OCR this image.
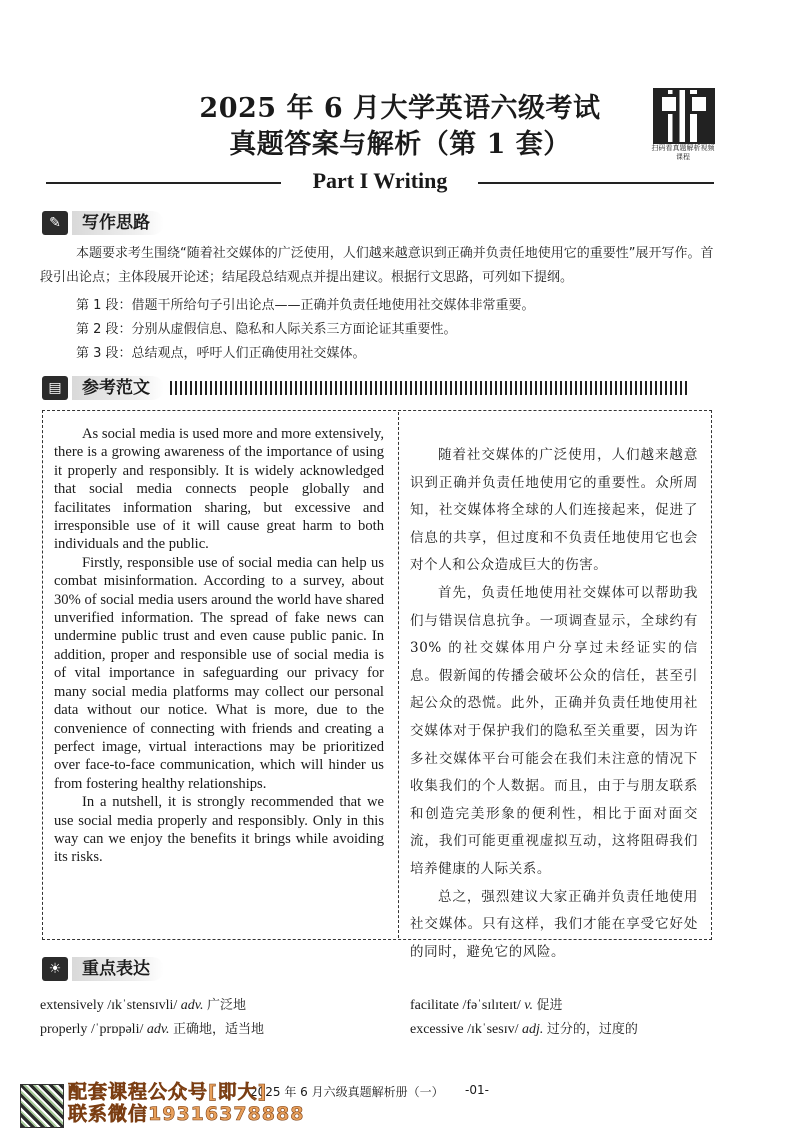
2025 年 6 月大学英语六级考试
真题答案与解析（第 1 套）	扫码看真题解析视频课程
Part I Writing
✎	写作思路
本题要求考生围绕“随着社交媒体的广泛使用，人们越来越意识到正确并负责任地使用它的重要性”展开写作。首段引出论点；主体段展开论述；结尾段总结观点并提出建议。根据行文思路，可列如下提纲。
第 1 段：借题干所给句子引出论点——正确并负责任地使用社交媒体非常重要。
第 2 段：分别从虚假信息、隐私和人际关系三方面论证其重要性。
第 3 段：总结观点，呼吁人们正确使用社交媒体。
▤	参考范文

As social media is used more and more extensively, there is a growing awareness of the importance of using it properly and responsibly. It is widely acknowledged that social media connects people globally and facilitates information sharing, but excessive and irresponsible use of it will cause great harm to both individuals and the public.

Firstly, responsible use of social media can help us combat misinformation. According to a survey, about 30% of social media users around the world have shared unverified information. The spread of fake news can undermine public trust and even cause public panic. In addition, proper and responsible use of social media is of vital importance in safeguarding our privacy for many social media platforms may collect our personal data without our notice. What is more, due to the convenience of connecting with friends and creating a perfect image, virtual interactions may be prioritized over face-to-face communication, which will hinder us from fostering healthy relationships.

In a nutshell, it is strongly recommended that we use social media properly and responsibly. Only in this way can we enjoy the benefits it brings while avoiding its risks.

随着社交媒体的广泛使用，人们越来越意识到正确并负责任地使用它的重要性。众所周知，社交媒体将全球的人们连接起来，促进了信息的共享，但过度和不负责任地使用它也会对个人和公众造成巨大的伤害。

首先，负责任地使用社交媒体可以帮助我们与错误信息抗争。一项调查显示，全球约有 30% 的社交媒体用户分享过未经证实的信息。假新闻的传播会破坏公众的信任，甚至引起公众的恐慌。此外，正确并负责任地使用社交媒体对于保护我们的隐私至关重要，因为许多社交媒体平台可能会在我们未注意的情况下收集我们的个人数据。而且，由于与朋友联系和创造完美形象的便利性，相比于面对面交流，我们可能更重视虚拟互动，这将阻碍我们培养健康的人际关系。

总之，强烈建议大家正确并负责任地使用社交媒体。只有这样，我们才能在享受它好处的同时，避免它的风险。

☀	重点表达
extensively /ɪkˈstensɪvli/ adv. 广泛地
properly /ˈprɒpəli/ adv. 正确地，适当地
facilitate /fəˈsɪlɪteɪt/ v. 促进
excessive /ɪkˈsesɪv/ adj. 过分的，过度的
2025 年 6 月六级真题解析册（一） -01-
配套课程公众号[即大]
联系微信19316378888
